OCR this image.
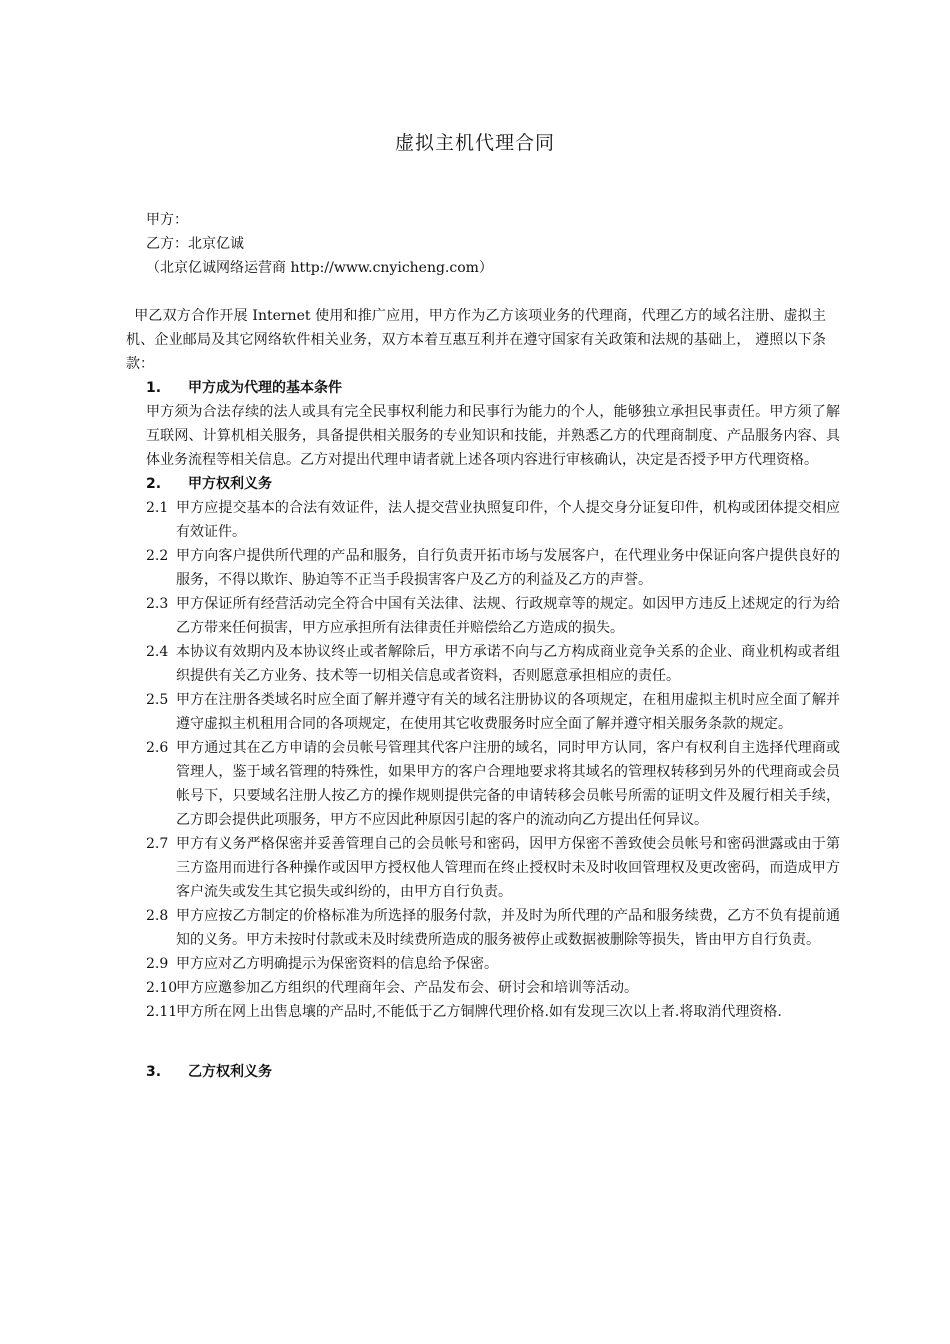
虚拟主机代理合同
甲方：
乙方：北京亿诚
（北京亿诚网络运营商 http://www.cnyicheng.com）
甲乙双方合作开展 Internet 使用和推广应用，甲方作为乙方该项业务的代理商，代理乙方的域名注册、虚拟主机、企业邮局及其它网络软件相关业务，双方本着互惠互利并在遵守国家有关政策和法规的基础上， 遵照以下条款：
1. 甲方成为代理的基本条件
甲方须为合法存续的法人或具有完全民事权利能力和民事行为能力的个人，能够独立承担民事责任。甲方须了解互联网、计算机相关服务，具备提供相关服务的专业知识和技能，并熟悉乙方的代理商制度、产品服务内容、具体业务流程等相关信息。乙方对提出代理申请者就上述各项内容进行审核确认，决定是否授予甲方代理资格。
2. 甲方权利义务
2.1 甲方应提交基本的合法有效证件，法人提交营业执照复印件，个人提交身分证复印件，机构或团体提交相应有效证件。
2.2 甲方向客户提供所代理的产品和服务，自行负责开拓市场与发展客户，在代理业务中保证向客户提供良好的服务，不得以欺诈、胁迫等不正当手段损害客户及乙方的利益及乙方的声誉。
2.3 甲方保证所有经营活动完全符合中国有关法律、法规、行政规章等的规定。如因甲方违反上述规定的行为给乙方带来任何损害，甲方应承担所有法律责任并赔偿给乙方造成的损失。
2.4 本协议有效期内及本协议终止或者解除后，甲方承诺不向与乙方构成商业竞争关系的企业、商业机构或者组织提供有关乙方业务、技术等一切相关信息或者资料，否则愿意承担相应的责任。
2.5 甲方在注册各类域名时应全面了解并遵守有关的域名注册协议的各项规定，在租用虚拟主机时应全面了解并遵守虚拟主机租用合同的各项规定，在使用其它收费服务时应全面了解并遵守相关服务条款的规定。
2.6 甲方通过其在乙方申请的会员帐号管理其代客户注册的域名，同时甲方认同，客户有权利自主选择代理商或管理人，鉴于域名管理的特殊性，如果甲方的客户合理地要求将其域名的管理权转移到另外的代理商或会员帐号下，只要域名注册人按乙方的操作规则提供完备的申请转移会员帐号所需的证明文件及履行相关手续，乙方即会提供此项服务，甲方不应因此种原因引起的客户的流动向乙方提出任何异议。
2.7 甲方有义务严格保密并妥善管理自己的会员帐号和密码，因甲方保密不善致使会员帐号和密码泄露或由于第三方盗用而进行各种操作或因甲方授权他人管理而在终止授权时未及时收回管理权及更改密码，而造成甲方客户流失或发生其它损失或纠纷的，由甲方自行负责。
2.8 甲方应按乙方制定的价格标准为所选择的服务付款，并及时为所代理的产品和服务续费，乙方不负有提前通知的义务。甲方未按时付款或未及时续费所造成的服务被停止或数据被删除等损失，皆由甲方自行负责。
2.9 甲方应对乙方明确提示为保密资料的信息给予保密。
2.10
甲方应邀参加乙方组织的代理商年会、产品发布会、研讨会和培训等活动。
2.11
甲方所在网上出售息壤的产品时,不能低于乙方铜牌代理价格.如有发现三次以上者.将取消代理资格.
3. 乙方权利义务
